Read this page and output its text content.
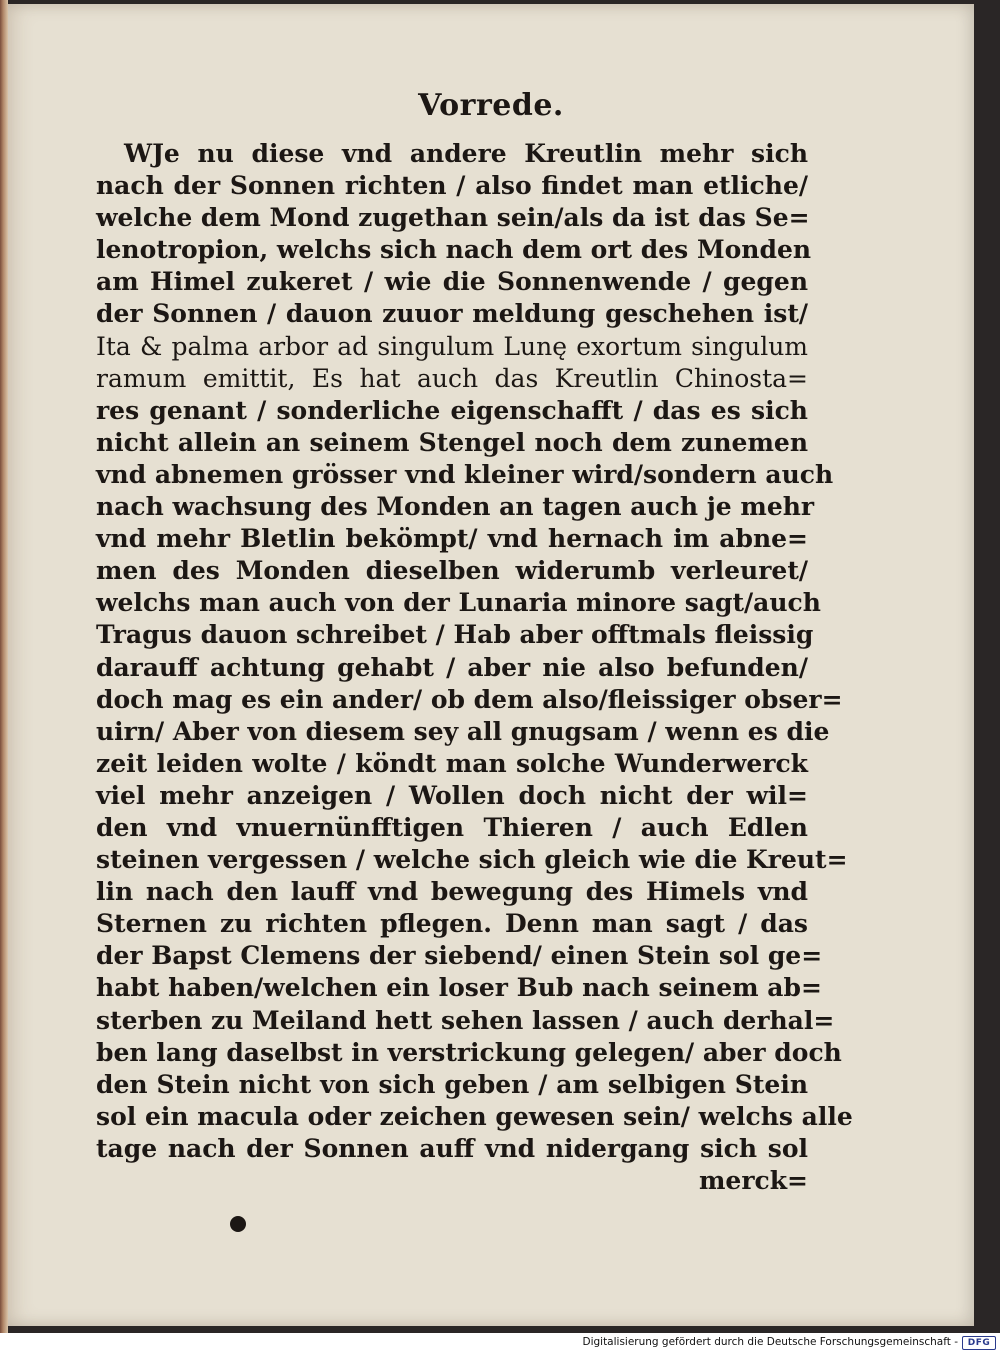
Vorrede.
WJe nu diese vnd andere Kreutlin mehr sich
nach der Sonnen richten / also findet man etliche/
welche dem Mond zugethan sein/als da ist das Se=
lenotropion, welchs sich nach dem ort des Monden
am Himel zukeret / wie die Sonnenwende / gegen
der Sonnen / dauon zuuor meldung geschehen ist/
Ita & palma arbor ad singulum Lunę exortum singulum
ramum emittit, Es hat auch das Kreutlin Chinosta=
res genant / sonderliche eigenschafft / das es sich
nicht allein an seinem Stengel noch dem zunemen
vnd abnemen grösser vnd kleiner wird/sondern auch
nach wachsung des Monden an tagen auch je mehr
vnd mehr Bletlin bekömpt/ vnd hernach im abne=
men des Monden dieselben widerumb verleuret/
welchs man auch von der Lunaria minore sagt/auch
Tragus dauon schreibet / Hab aber offtmals fleissig
darauff achtung gehabt / aber nie also befunden/
doch mag es ein ander/ ob dem also/fleissiger obser=
uirn/ Aber von diesem sey all gnugsam / wenn es die
zeit leiden wolte / köndt man solche Wunderwerck
viel mehr anzeigen / Wollen doch nicht der wil=
den vnd vnuernünfftigen Thieren / auch Edlen
steinen vergessen / welche sich gleich wie die Kreut=
lin nach den lauff vnd bewegung des Himels vnd
Sternen zu richten pflegen. Denn man sagt / das
der Bapst Clemens der siebend/ einen Stein sol ge=
habt haben/welchen ein loser Bub nach seinem ab=
sterben zu Meiland hett sehen lassen / auch derhal=
ben lang daselbst in verstrickung gelegen/ aber doch
den Stein nicht von sich geben / am selbigen Stein
sol ein macula oder zeichen gewesen sein/ welchs alle
tage nach der Sonnen auff vnd nidergang sich sol
merck=
Digitalisierung gefördert durch die Deutsche Forschungsgemeinschaft -	DFG
